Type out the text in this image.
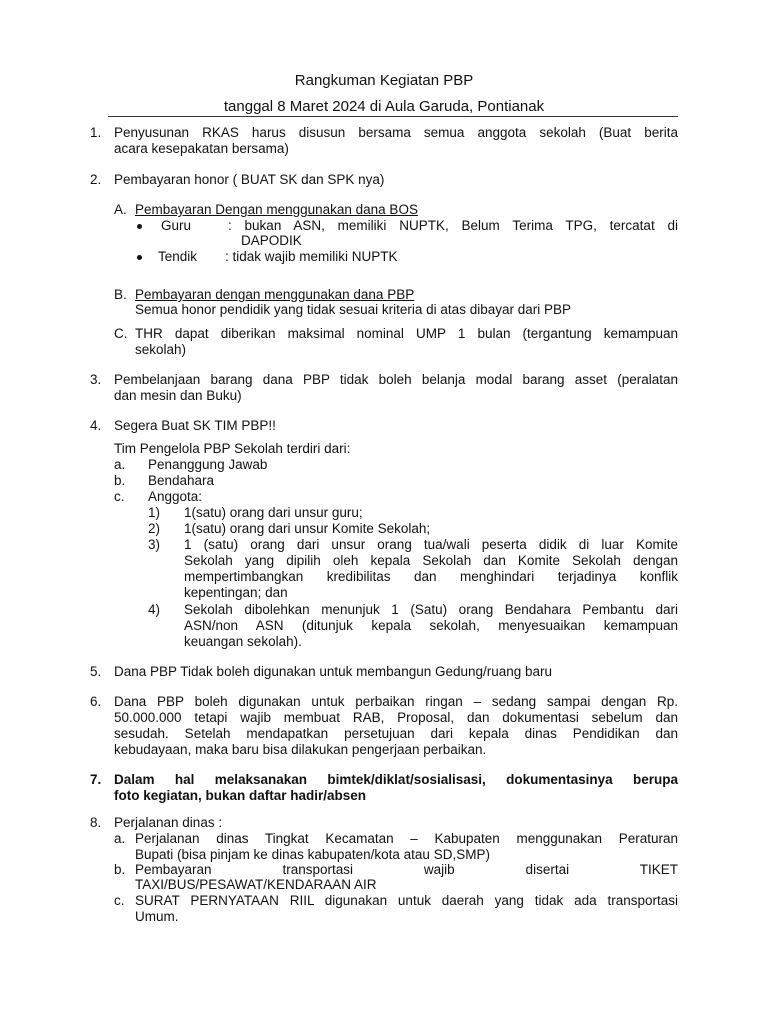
Rangkuman Kegiatan PBP
tanggal 8 Maret 2024 di Aula Garuda, Pontianak
1. Penyusunan RKAS harus disusun bersama semua anggota sekolah (Buat berita
acara kesepakatan bersama)
2. Pembayaran honor ( BUAT SK dan SPK nya)
A. Pembayaran Dengan menggunakan dana BOS
Guru	: bukan ASN, memiliki NUPTK, Belum Terima TPG, tercatat di
DAPODIK
Tendik : tidak wajib memiliki NUPTK
B. Pembayaran dengan menggunakan dana PBP
Semua honor pendidik yang tidak sesuai kriteria di atas dibayar dari PBP
C. THR dapat diberikan maksimal nominal UMP 1 bulan (tergantung kemampuan
sekolah)
3. Pembelanjaan barang dana PBP tidak boleh belanja modal barang asset (peralatan
dan mesin dan Buku)
4. Segera Buat SK TIM PBP!!
Tim Pengelola PBP Sekolah terdiri dari:
a. Penanggung Jawab
b. Bendahara
c. Anggota:
1) 1(satu) orang dari unsur guru;
2) 1(satu) orang dari unsur Komite Sekolah;
3) 1 (satu) orang dari unsur orang tua/wali peserta didik di luar Komite
Sekolah yang dipilih oleh kepala Sekolah dan Komite Sekolah dengan
mempertimbangkan kredibilitas dan menghindari terjadinya konflik
kepentingan; dan
4) Sekolah dibolehkan menunjuk 1 (Satu) orang Bendahara Pembantu dari
ASN/non ASN (ditunjuk kepala sekolah, menyesuaikan kemampuan
keuangan sekolah).
5. Dana PBP Tidak boleh digunakan untuk membangun Gedung/ruang baru
6. Dana PBP boleh digunakan untuk perbaikan ringan – sedang sampai dengan Rp.
50.000.000 tetapi wajib membuat RAB, Proposal, dan dokumentasi sebelum dan
sesudah. Setelah mendapatkan persetujuan dari kepala dinas Pendidikan dan
kebudayaan, maka baru bisa dilakukan pengerjaan perbaikan.
7. Dalam hal melaksanakan bimtek/diklat/sosialisasi, dokumentasinya berupa
foto kegiatan, bukan daftar hadir/absen
8. Perjalanan dinas :
a. Perjalanan dinas Tingkat Kecamatan – Kabupaten menggunakan Peraturan
Bupati (bisa pinjam ke dinas kabupaten/kota atau SD,SMP)
b. Pembayaran transportasi wajib disertai TIKET
TAXI/BUS/PESAWAT/KENDARAAN AIR
c. SURAT PERNYATAAN RIIL digunakan untuk daerah yang tidak ada transportasi
Umum.
